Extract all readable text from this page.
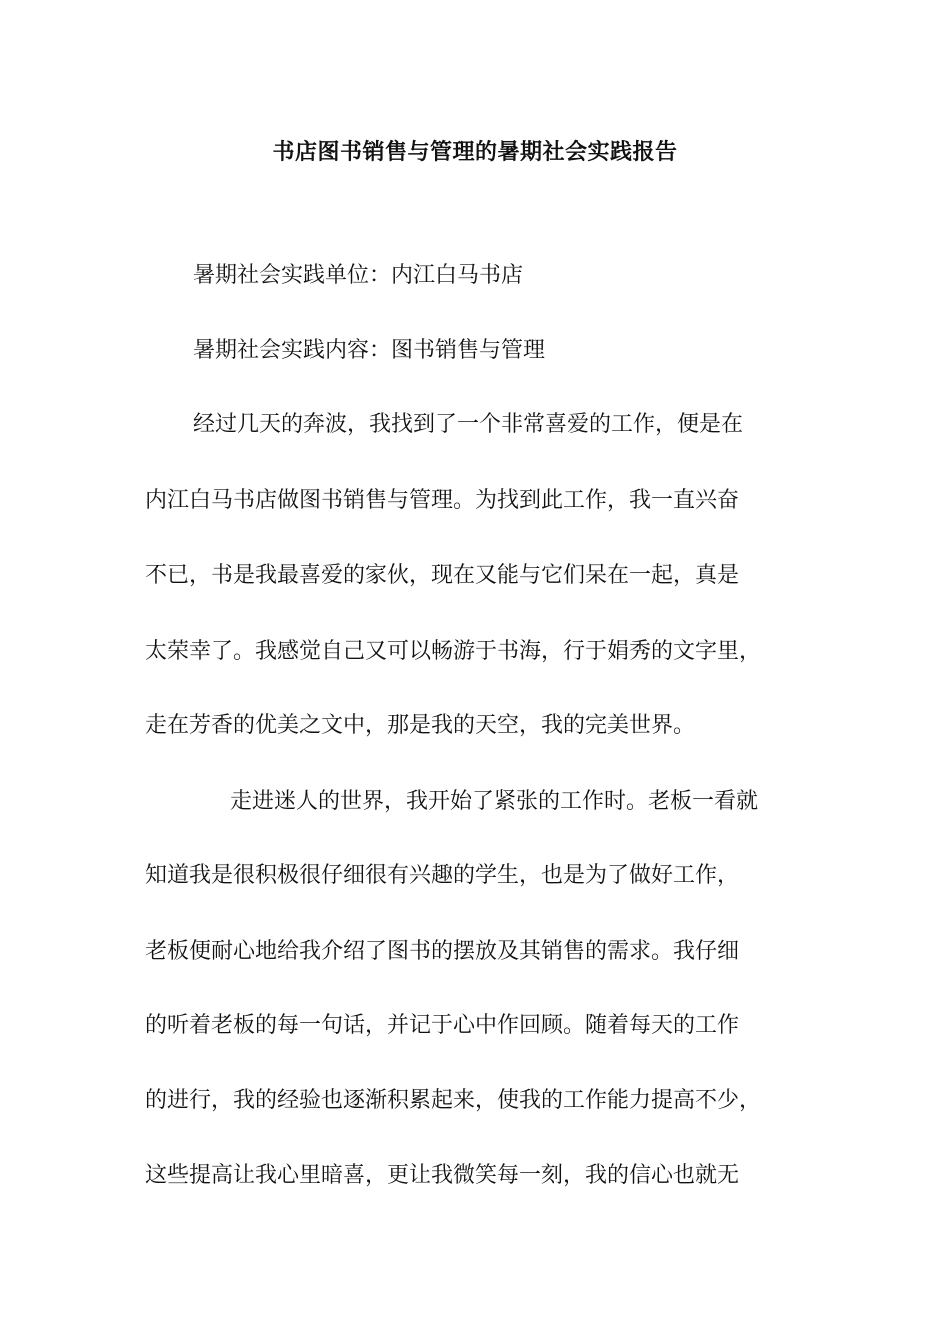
书店图书销售与管理的暑期社会实践报告

暑期社会实践单位：内江白马书店

暑期社会实践内容：图书销售与管理

经过几天的奔波，我找到了一个非常喜爱的工作，便是在

内江白马书店做图书销售与管理。为找到此工作，我一直兴奋

不已，书是我最喜爱的家伙，现在又能与它们呆在一起，真是

太荣幸了。我感觉自己又可以畅游于书海，行于娟秀的文字里，

走在芳香的优美之文中，那是我的天空，我的完美世界。

走进迷人的世界，我开始了紧张的工作时。老板一看就

知道我是很积极很仔细很有兴趣的学生，也是为了做好工作，

老板便耐心地给我介绍了图书的摆放及其销售的需求。我仔细

的听着老板的每一句话，并记于心中作回顾。随着每天的工作

的进行，我的经验也逐渐积累起来，使我的工作能力提高不少，

这些提高让我心里暗喜，更让我微笑每一刻，我的信心也就无
